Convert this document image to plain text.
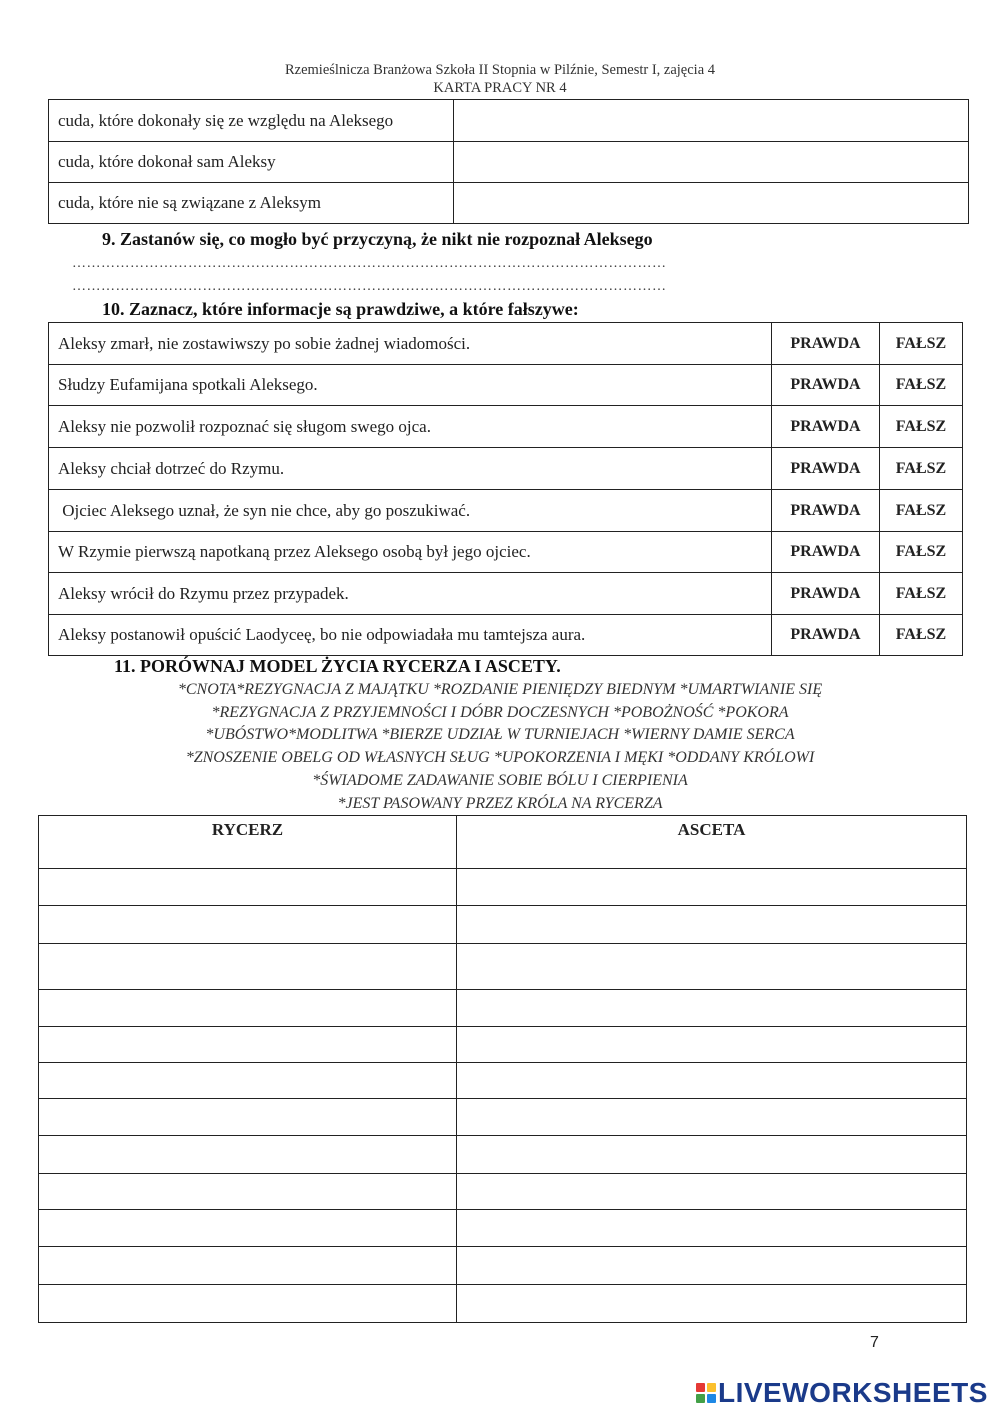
Rzemieślnicza Branżowa Szkoła II Stopnia w Pilźnie, Semestr I, zajęcia 4
KARTA PRACY NR 4
cuda, które dokonały się ze względu na Aleksego	
cuda, które dokonał sam Aleksy	
cuda, które nie są związane z Aleksym	
9. Zastanów się, co mogło być przyczyną, że nikt nie rozpoznał Aleksego
……………………………………………………………………………………………………………
……………………………………………………………………………………………………………
10. Zaznacz, które informacje są prawdziwe, a które fałszywe:
Aleksy zmarł, nie zostawiwszy po sobie żadnej wiadomości.	PRAWDA	FAŁSZ
Słudzy Eufamijana spotkali Aleksego.	PRAWDA	FAŁSZ
Aleksy nie pozwolił rozpoznać się sługom swego ojca.	PRAWDA	FAŁSZ
Aleksy chciał dotrzeć do Rzymu.	PRAWDA	FAŁSZ
Ojciec Aleksego uznał, że syn nie chce, aby go poszukiwać.	PRAWDA	FAŁSZ
W Rzymie pierwszą napotkaną przez Aleksego osobą był jego ojciec.	PRAWDA	FAŁSZ
Aleksy wrócił do Rzymu przez przypadek.	PRAWDA	FAŁSZ
Aleksy postanowił opuścić Laodyceę, bo nie odpowiadała mu tamtejsza aura.	PRAWDA	FAŁSZ
11. PORÓWNAJ MODEL ŻYCIA RYCERZA I ASCETY.
*CNOTA*REZYGNACJA Z MAJĄTKU *ROZDANIE PIENIĘDZY BIEDNYM *UMARTWIANIE SIĘ
*REZYGNACJA Z PRZYJEMNOŚCI I DÓBR DOCZESNYCH *POBOŻNOŚĆ *POKORA
*UBÓSTWO*MODLITWA *BIERZE UDZIAŁ W TURNIEJACH *WIERNY DAMIE SERCA
*ZNOSZENIE OBELG OD WŁASNYCH SŁUG *UPOKORZENIA I MĘKI *ODDANY KRÓLOWI
*ŚWIADOME ZADAWANIE SOBIE BÓLU I CIERPIENIA
*JEST PASOWANY PRZEZ KRÓLA NA RYCERZA
RYCERZ	ASCETA

7
LIVEWORKSHEETS
